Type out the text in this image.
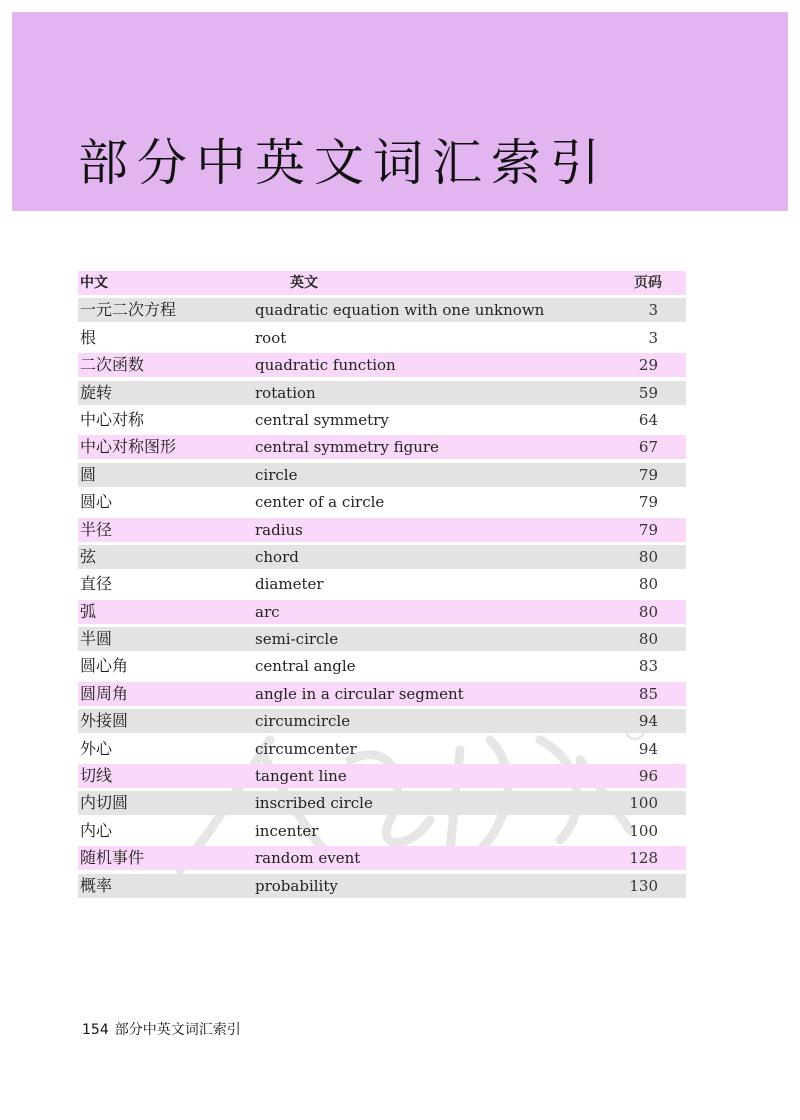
部分中英文词汇索引
中文	英文	页码
一元二次方程	quadratic equation with one unknown	3
根	root	3
二次函数	quadratic function	29
旋转	rotation	59
中心对称	central symmetry	64
中心对称图形	central symmetry figure	67
圆	circle	79
圆心	center of a circle	79
半径	radius	79
弦	chord	80
直径	diameter	80
弧	arc	80
半圆	semi-circle	80
圆心角	central angle	83
圆周角	angle in a circular segment	85
外接圆	circumcircle	94
外心	circumcenter	94
切线	tangent line	96
内切圆	inscribed circle	100
内心	incenter	100
随机事件	random event	128
概率	probability	130
154 部分中英文词汇索引
